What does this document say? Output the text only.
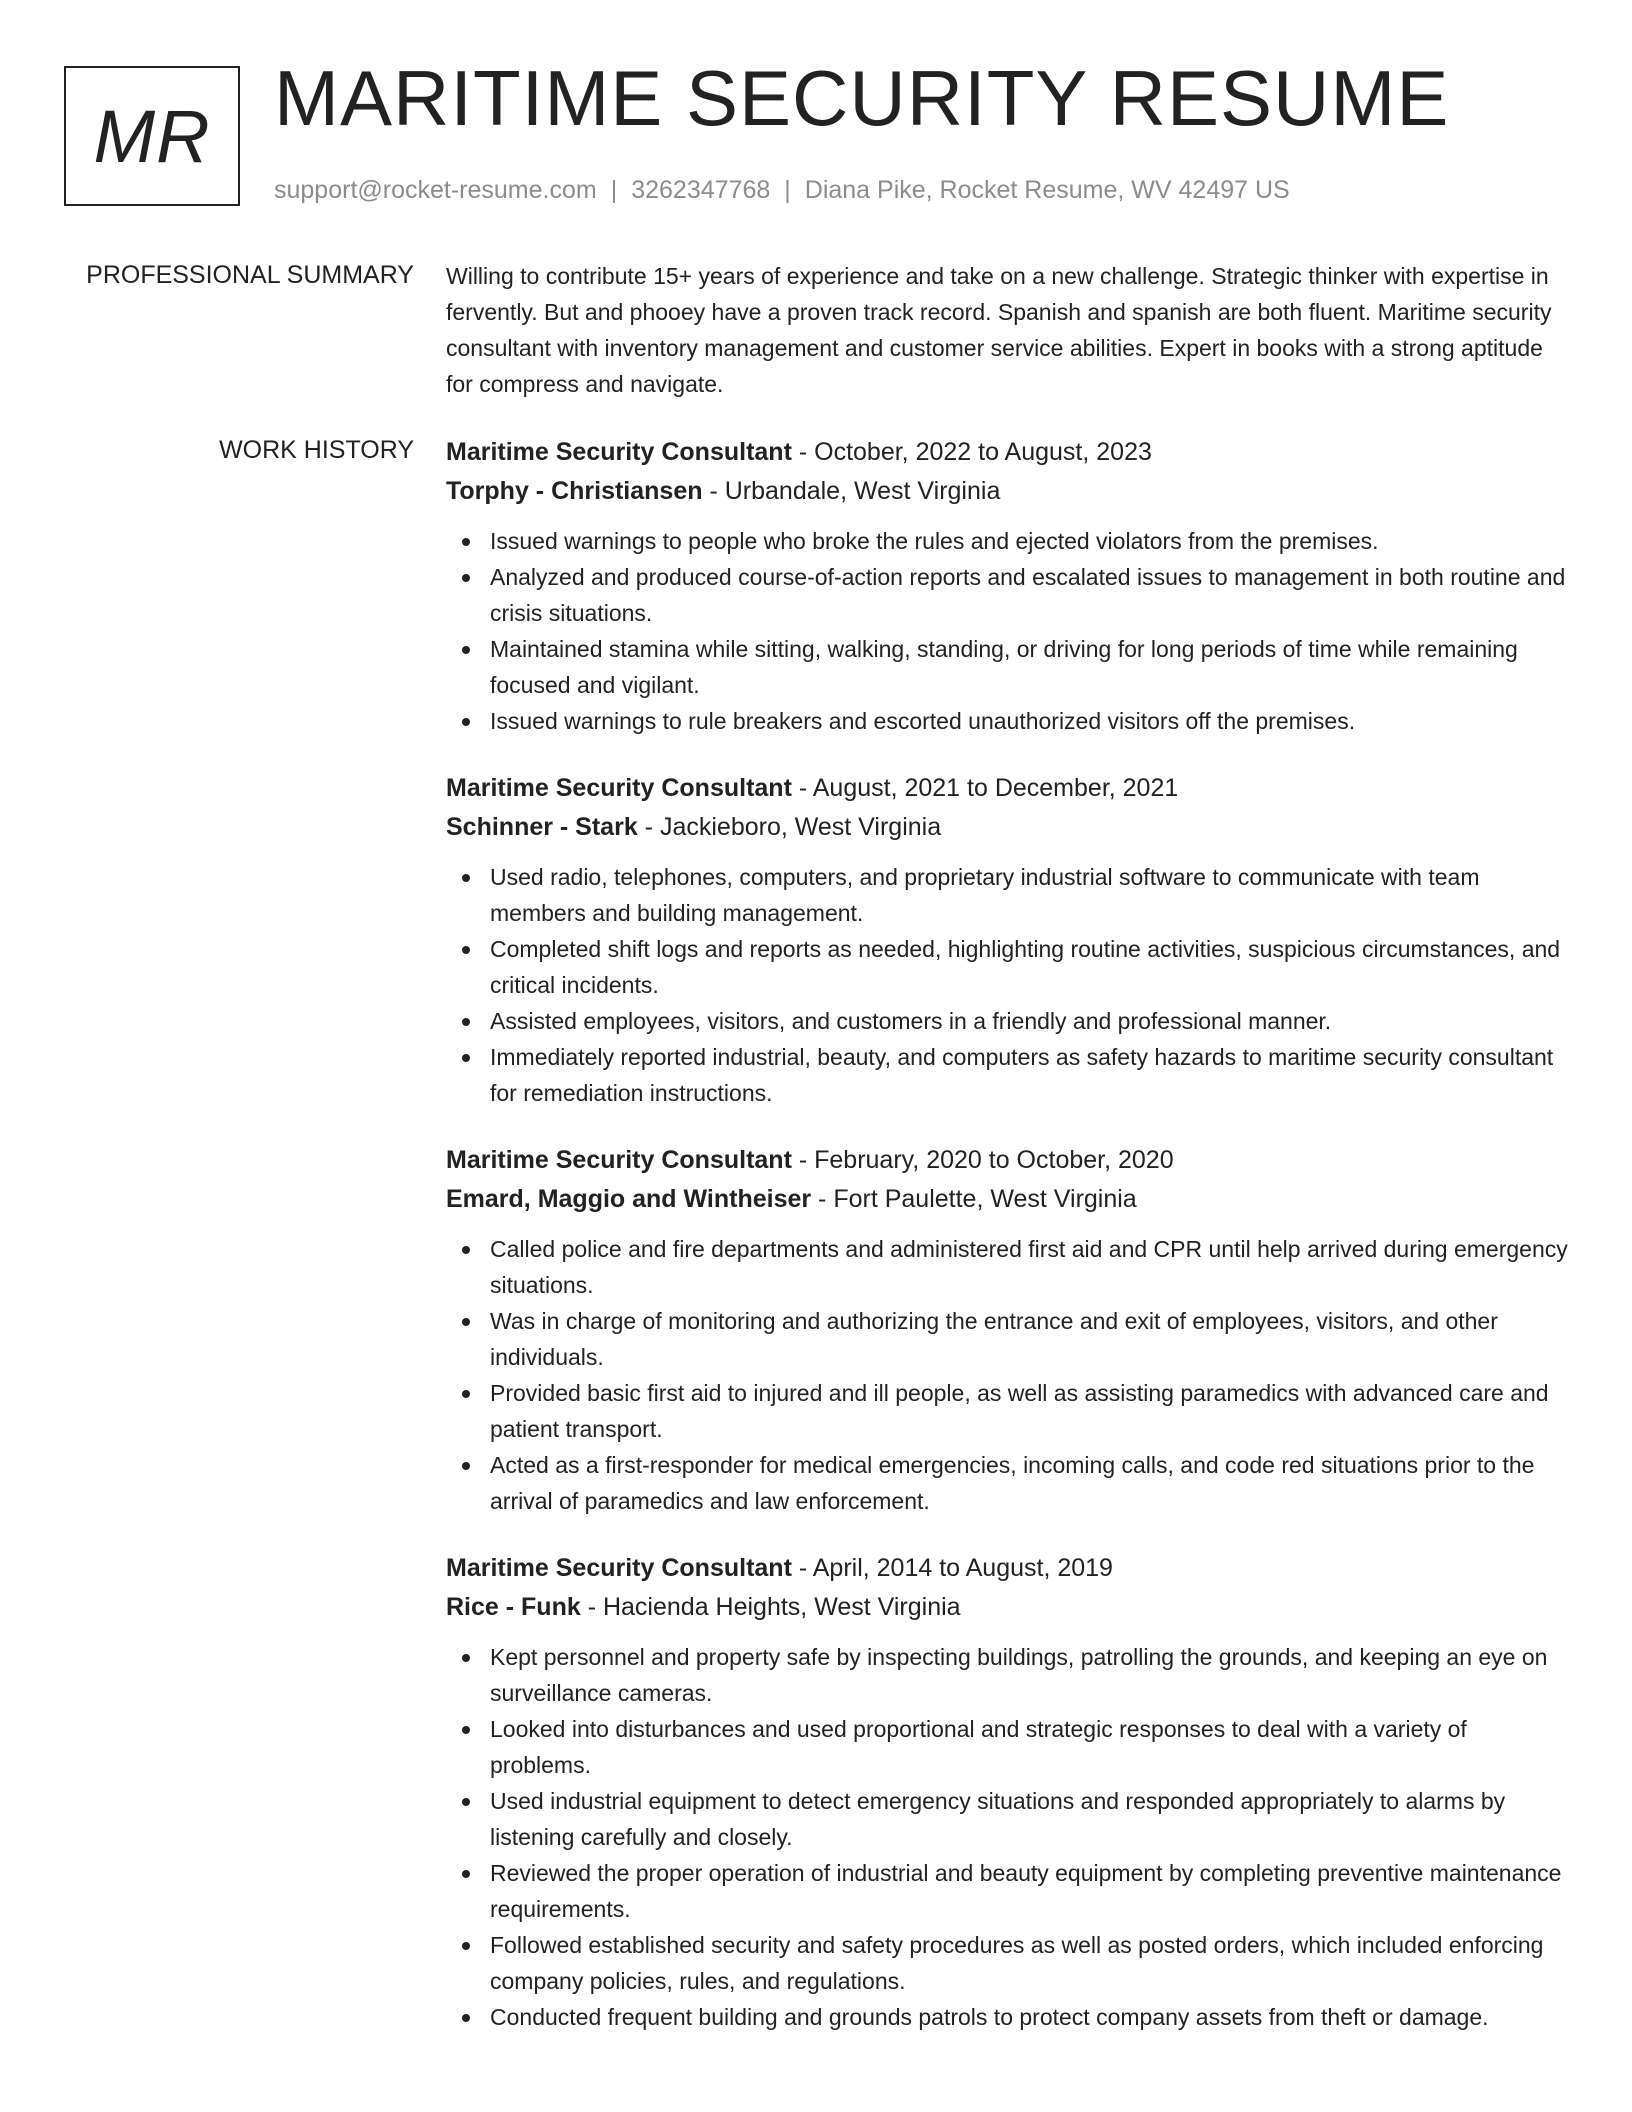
MR MARITIME SECURITY RESUME
support@rocket-resume.com | 3262347768 | Diana Pike, Rocket Resume, WV 42497 US
PROFESSIONAL SUMMARY Willing to contribute 15+ years of experience and take on a new challenge. Strategic thinker with expertise in fervently. But and phooey have a proven track record. Spanish and spanish are both fluent. Maritime security consultant with inventory management and customer service abilities. Expert in books with a strong aptitude for compress and navigate.

WORK HISTORY Maritime Security Consultant - October, 2022 to August, 2023
Torphy - Christiansen - Urbandale, West Virginia
Issued warnings to people who broke the rules and ejected violators from the premises.
Analyzed and produced course-of-action reports and escalated issues to management in both routine and crisis situations.
Maintained stamina while sitting, walking, standing, or driving for long periods of time while remaining focused and vigilant.
Issued warnings to rule breakers and escorted unauthorized visitors off the premises.
Maritime Security Consultant - August, 2021 to December, 2021
Schinner - Stark - Jackieboro, West Virginia
Used radio, telephones, computers, and proprietary industrial software to communicate with team members and building management.
Completed shift logs and reports as needed, highlighting routine activities, suspicious circumstances, and critical incidents.
Assisted employees, visitors, and customers in a friendly and professional manner.
Immediately reported industrial, beauty, and computers as safety hazards to maritime security consultant for remediation instructions.
Maritime Security Consultant - February, 2020 to October, 2020
Emard, Maggio and Wintheiser - Fort Paulette, West Virginia
Called police and fire departments and administered first aid and CPR until help arrived during emergency situations.
Was in charge of monitoring and authorizing the entrance and exit of employees, visitors, and other individuals.
Provided basic first aid to injured and ill people, as well as assisting paramedics with advanced care and patient transport.
Acted as a first-responder for medical emergencies, incoming calls, and code red situations prior to the arrival of paramedics and law enforcement.
Maritime Security Consultant - April, 2014 to August, 2019
Rice - Funk - Hacienda Heights, West Virginia
Kept personnel and property safe by inspecting buildings, patrolling the grounds, and keeping an eye on surveillance cameras.
Looked into disturbances and used proportional and strategic responses to deal with a variety of problems.
Used industrial equipment to detect emergency situations and responded appropriately to alarms by listening carefully and closely.
Reviewed the proper operation of industrial and beauty equipment by completing preventive maintenance requirements.
Followed established security and safety procedures as well as posted orders, which included enforcing company policies, rules, and regulations.
Conducted frequent building and grounds patrols to protect company assets from theft or damage.
